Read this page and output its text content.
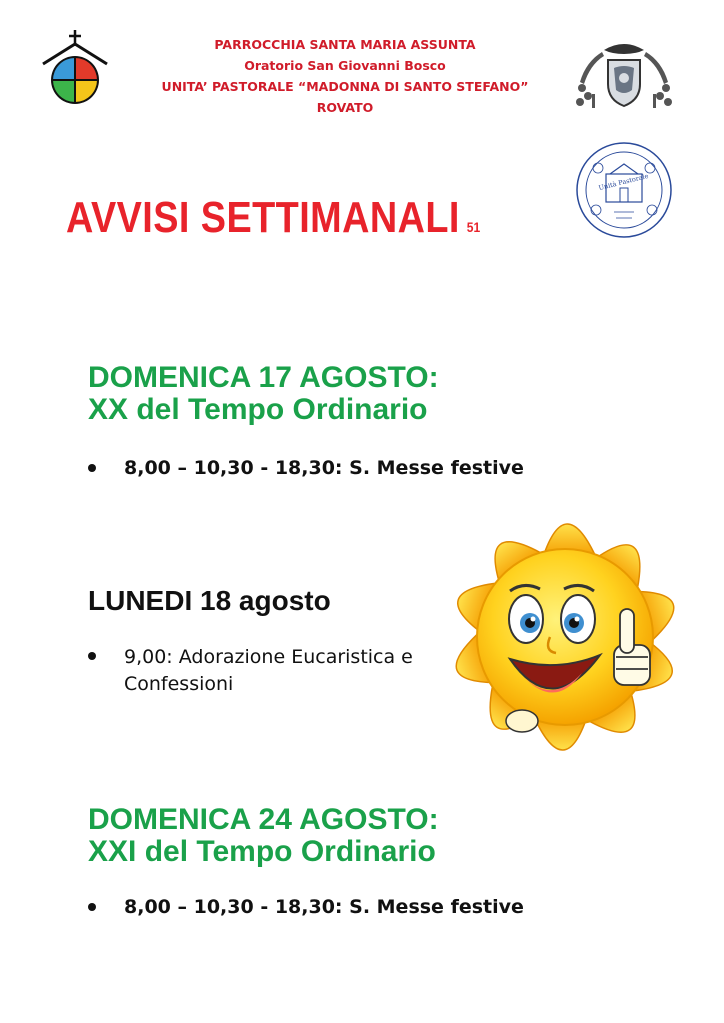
PARROCCHIA SANTA MARIA ASSUNTA
Oratorio San Giovanni Bosco
UNITA’ PASTORALE “MADONNA DI SANTO STEFANO”
ROVATO
Unità Pastorale
AVVISI SETTIMANALI 51
DOMENICA 17 AGOSTO:
XX del Tempo Ordinario
8,00 – 10,30 - 18,30: S. Messe festive
LUNEDI 18 agosto
9,00: Adorazione Eucaristica e Confessioni
DOMENICA 24 AGOSTO:
XXI del Tempo Ordinario
8,00 – 10,30 - 18,30: S. Messe festive
